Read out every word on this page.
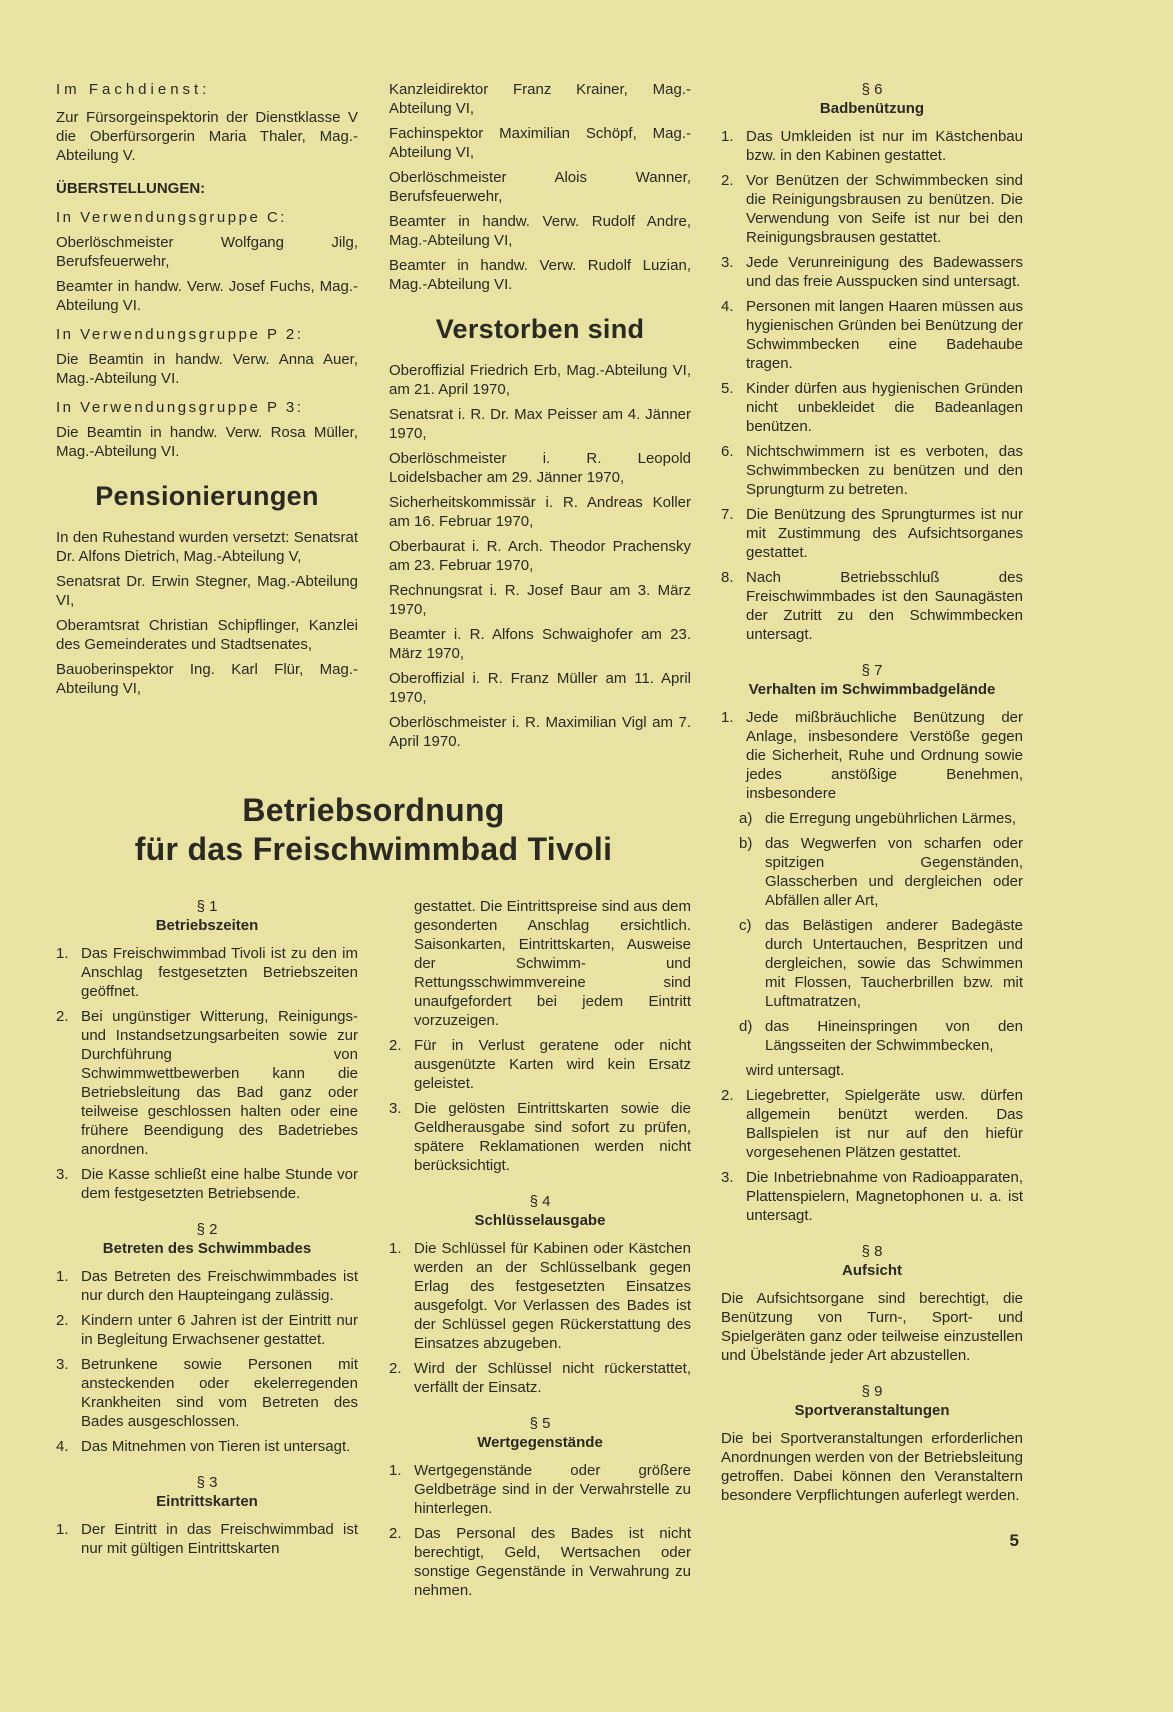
Im Fachdienst:

Zur Fürsorgeinspektorin der Dienstklasse V die Oberfürsorgerin Maria Thaler, Mag.-Abteilung V.

ÜBERSTELLUNGEN:

In Verwendungsgruppe C:

Oberlöschmeister Wolfgang Jilg, Berufsfeuerwehr,

Beamter in handw. Verw. Josef Fuchs, Mag.-Abteilung VI.

In Verwendungsgruppe P 2:

Die Beamtin in handw. Verw. Anna Auer, Mag.-Abteilung VI.

In Verwendungsgruppe P 3:

Die Beamtin in handw. Verw. Rosa Müller, Mag.-Abteilung VI.

Pensionierungen

In den Ruhestand wurden versetzt: Senatsrat Dr. Alfons Dietrich, Mag.-Abteilung V,

Senatsrat Dr. Erwin Stegner, Mag.-Abteilung VI,

Oberamtsrat Christian Schipflinger, Kanzlei des Gemeinderates und Stadtsenates,

Bauoberinspektor Ing. Karl Flür, Mag.-Abteilung VI,

Kanzleidirektor Franz Krainer, Mag.-Abteilung VI,

Fachinspektor Maximilian Schöpf, Mag.-Abteilung VI,

Oberlöschmeister Alois Wanner, Berufsfeuerwehr,

Beamter in handw. Verw. Rudolf Andre, Mag.-Abteilung VI,

Beamter in handw. Verw. Rudolf Luzian, Mag.-Abteilung VI.

Verstorben sind

Oberoffizial Friedrich Erb, Mag.-Abteilung VI, am 21. April 1970,

Senatsrat i. R. Dr. Max Peisser am 4. Jänner 1970,

Oberlöschmeister i. R. Leopold Loidelsbacher am 29. Jänner 1970,

Sicherheitskommissär i. R. Andreas Koller am 16. Februar 1970,

Oberbaurat i. R. Arch. Theodor Prachensky am 23. Februar 1970,

Rechnungsrat i. R. Josef Baur am 3. März 1970,

Beamter i. R. Alfons Schwaighofer am 23. März 1970,

Oberoffizial i. R. Franz Müller am 11. April 1970,

Oberlöschmeister i. R. Maximilian Vigl am 7. April 1970.

Betriebsordnung
für das Freischwimmbad Tivoli
§ 1
Betriebszeiten
1. Das Freischwimmbad Tivoli ist zu den im Anschlag festgesetzten Betriebszeiten geöffnet.
2. Bei ungünstiger Witterung, Reinigungs- und Instandsetzungsarbeiten sowie zur Durchführung von Schwimmwettbewerben kann die Betriebsleitung das Bad ganz oder teilweise geschlossen halten oder eine frühere Beendigung des Badetriebes anordnen.
3. Die Kasse schließt eine halbe Stunde vor dem festgesetzten Betriebsende.
§ 2
Betreten des Schwimmbades
1. Das Betreten des Freischwimmbades ist nur durch den Haupteingang zulässig.
2. Kindern unter 6 Jahren ist der Eintritt nur in Begleitung Erwachsener gestattet.
3. Betrunkene sowie Personen mit ansteckenden oder ekelerregenden Krankheiten sind vom Betreten des Bades ausgeschlossen.
4. Das Mitnehmen von Tieren ist untersagt.
§ 3
Eintrittskarten
1. Der Eintritt in das Freischwimmbad ist nur mit gültigen Eintrittskarten

gestattet. Die Eintrittspreise sind aus dem gesonderten Anschlag ersichtlich. Saisonkarten, Eintrittskarten, Ausweise der Schwimm- und Rettungsschwimmvereine sind unaufgefordert bei jedem Eintritt vorzuzeigen.

2. Für in Verlust geratene oder nicht ausgenützte Karten wird kein Ersatz geleistet.
3. Die gelösten Eintrittskarten sowie die Geldherausgabe sind sofort zu prüfen, spätere Reklamationen werden nicht berücksichtigt.
§ 4
Schlüsselausgabe
1. Die Schlüssel für Kabinen oder Kästchen werden an der Schlüsselbank gegen Erlag des festgesetzten Einsatzes ausgefolgt. Vor Verlassen des Bades ist der Schlüssel gegen Rückerstattung des Einsatzes abzugeben.
2. Wird der Schlüssel nicht rückerstattet, verfällt der Einsatz.
§ 5
Wertgegenstände
1. Wertgegenstände oder größere Geldbeträge sind in der Verwahrstelle zu hinterlegen.
2. Das Personal des Bades ist nicht berechtigt, Geld, Wertsachen oder sonstige Gegenstände in Verwahrung zu nehmen.
§ 6
Badbenützung
1. Das Umkleiden ist nur im Kästchenbau bzw. in den Kabinen gestattet.
2. Vor Benützen der Schwimmbecken sind die Reinigungsbrausen zu benützen. Die Verwendung von Seife ist nur bei den Reinigungsbrausen gestattet.
3. Jede Verunreinigung des Badewassers und das freie Ausspucken sind untersagt.
4. Personen mit langen Haaren müssen aus hygienischen Gründen bei Benützung der Schwimmbecken eine Badehaube tragen.
5. Kinder dürfen aus hygienischen Gründen nicht unbekleidet die Badeanlagen benützen.
6. Nichtschwimmern ist es verboten, das Schwimmbecken zu benützen und den Sprungturm zu betreten.
7. Die Benützung des Sprungturmes ist nur mit Zustimmung des Aufsichtsorganes gestattet.
8. Nach Betriebsschluß des Freischwimmbades ist den Saunagästen der Zutritt zu den Schwimmbecken untersagt.
§ 7
Verhalten im Schwimmbadgelände
1. Jede mißbräuchliche Benützung der Anlage, insbesondere Verstöße gegen die Sicherheit, Ruhe und Ordnung sowie jedes anstößige Benehmen, insbesondere
a) die Erregung ungebührlichen Lärmes,
b) das Wegwerfen von scharfen oder spitzigen Gegenständen, Glasscherben und dergleichen oder Abfällen aller Art,
c) das Belästigen anderer Badegäste durch Untertauchen, Bespritzen und dergleichen, sowie das Schwimmen mit Flossen, Taucherbrillen bzw. mit Luftmatratzen,
d) das Hineinspringen von den Längsseiten der Schwimmbecken,

wird untersagt.

2. Liegebretter, Spielgeräte usw. dürfen allgemein benützt werden. Das Ballspielen ist nur auf den hiefür vorgesehenen Plätzen gestattet.
3. Die Inbetriebnahme von Radioapparaten, Plattenspielern, Magnetophonen u. a. ist untersagt.
§ 8
Aufsicht

Die Aufsichtsorgane sind berechtigt, die Benützung von Turn-, Sport- und Spielgeräten ganz oder teilweise einzustellen und Übelstände jeder Art abzustellen.

§ 9
Sportveranstaltungen

Die bei Sportveranstaltungen erforderlichen Anordnungen werden von der Betriebsleitung getroffen. Dabei können den Veranstaltern besondere Verpflichtungen auferlegt werden.

5
